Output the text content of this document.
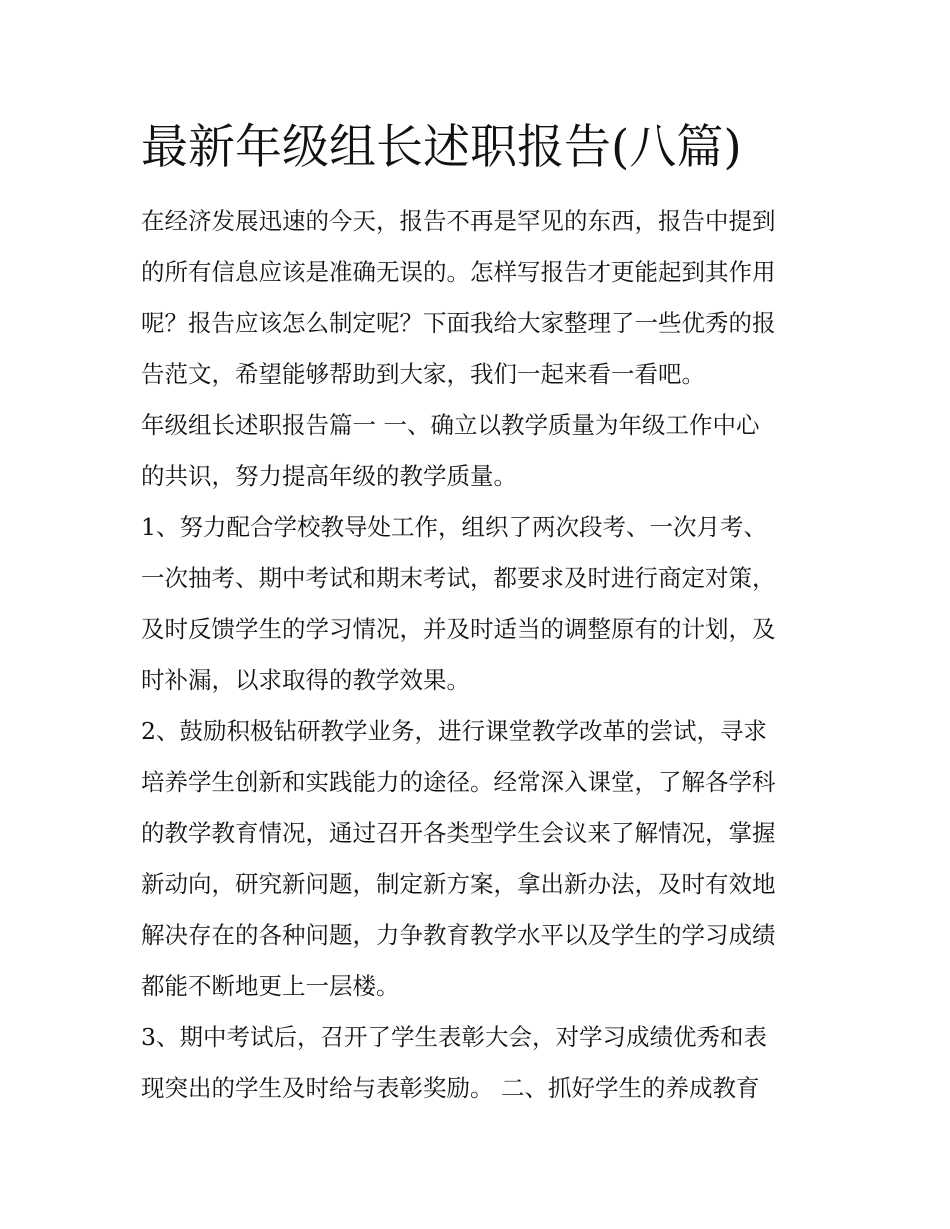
最新年级组长述职报告(八篇)
在经济发展迅速的今天，报告不再是罕见的东西，报告中提到
的所有信息应该是准确无误的。怎样写报告才更能起到其作用
呢？报告应该怎么制定呢？下面我给大家整理了一些优秀的报
告范文，希望能够帮助到大家，我们一起来看一看吧。
年级组长述职报告篇一 一、确立以教学质量为年级工作中心
的共识，努力提高年级的教学质量。
1、努力配合学校教导处工作，组织了两次段考、一次月考、
一次抽考、期中考试和期末考试，都要求及时进行商定对策，
及时反馈学生的学习情况，并及时适当的调整原有的计划，及
时补漏，以求取得的教学效果。
2、鼓励积极钻研教学业务，进行课堂教学改革的尝试，寻求
培养学生创新和实践能力的途径。经常深入课堂，了解各学科
的教学教育情况，通过召开各类型学生会议来了解情况，掌握
新动向，研究新问题，制定新方案，拿出新办法，及时有效地
解决存在的各种问题，力争教育教学水平以及学生的学习成绩
都能不断地更上一层楼。
3、期中考试后，召开了学生表彰大会，对学习成绩优秀和表
现突出的学生及时给与表彰奖励。 二、抓好学生的养成教育
